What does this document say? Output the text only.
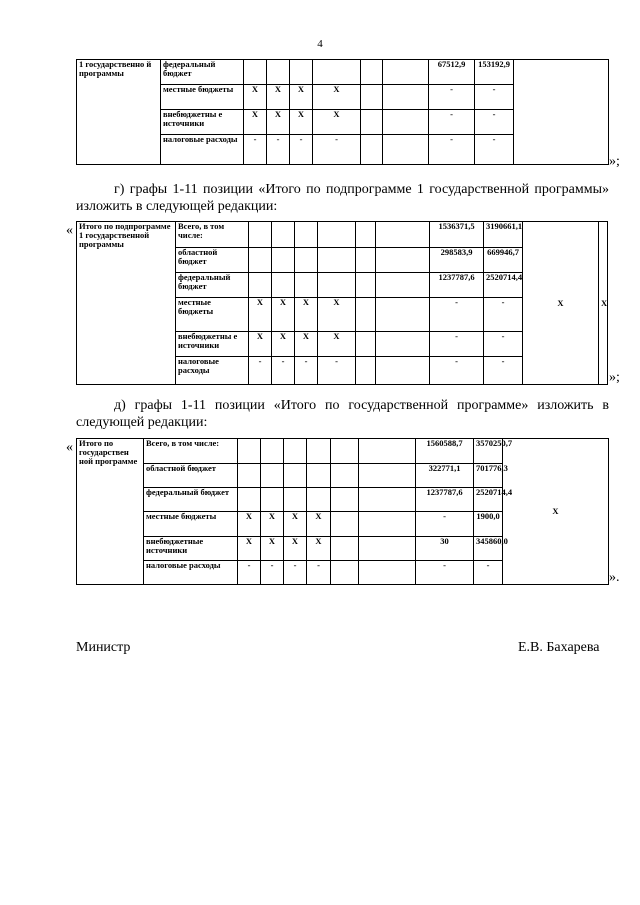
4
1 государственно й программы	федеральный бюджет							67512,9	153192,9		
	местные бюджеты	X	X	X	X			-	-		
	внебюджетны е источники	X	X	X	X			-	-		
	налоговые расходы	-	-	-	-			-	-		
»;
г) графы 1-11 позиции «Итого по подпрограмме 1 государственной программы» изложить в следующей редакции:
« Итого по подпрограмме 1 государственной программы	Всего, в том числе:							1536371,5	3190661,1	X	X
	областной бюджет							298583,9	669946,7		
	федеральный бюджет							1237787,6	2520714,4		
	местные бюджеты	X	X	X	X			-	-		
	внебюджетны е источники	X	X	X	X			-	-		
	налоговые расходы	-	-	-	-			-	-		
»;
д) графы 1-11 позиции «Итого по государственной программе» изложить в следующей редакции:
« Итого по государствен ной программе	Всего, в том числе:							1560588,7	3570250,7	X	
	областной бюджет							322771,1	701776,3		
	федеральный бюджет							1237787,6	2520714,4		
	местные бюджеты	X	X	X	X			-	1900,0		
	внебюджетные источники	X	X	X	X			30	345860,0		
	налоговые расходы	-	-	-	-			-	-		
».
Министр	Е.В. Бахарева
